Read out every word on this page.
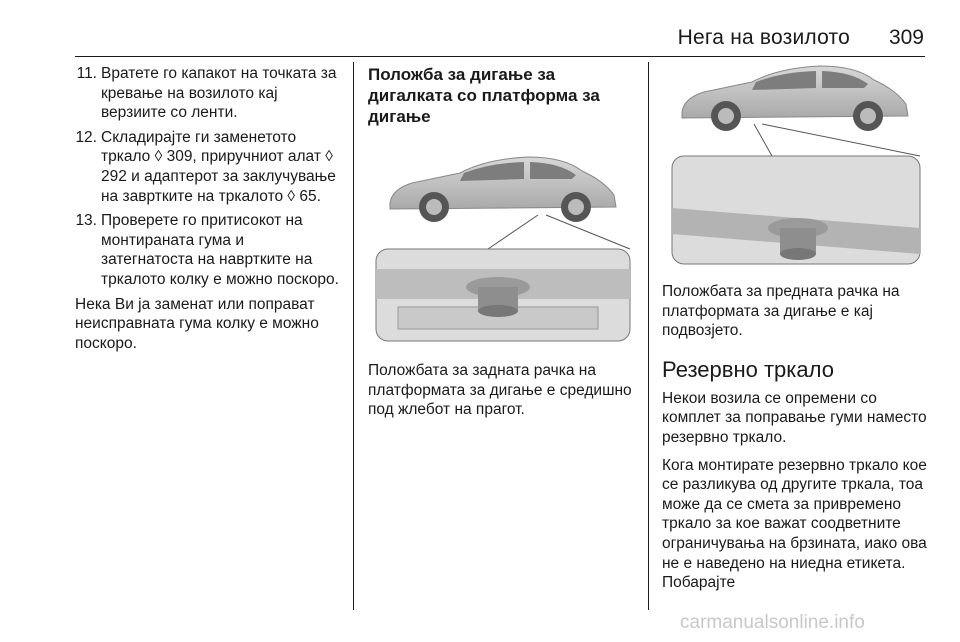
Нега на возилото 309
11. Вратете го капакот на точката за кревање на возилото кај верзиите со ленти.
12. Складирајте ги заменетото тркало ◊ 309, приручниот алат ◊ 292 и адаптерот за заклучување на завртките на тркалото ◊ 65.
13. Проверете го притисокот на монтираната гума и затегнатоста на навртките на тркалото колку е можно поскоро.

Нека Ви ја заменат или поправат неисправната гума колку е можно поскоро.

Положба за дигање за дигалката со платформа за дигање

Положбата за задната рачка на платформата за дигање е средишно под жлебот на прагот.

Положбата за предната рачка на платформата за дигање е кај подвозјето.

Резервно тркало

Некои возила се опремени со комплет за поправање гуми наместо резервно тркало.

Кога монтирате резервно тркало кое се разликува од другите тркала, тоа може да се смета за привремено тркало за кое важат соодветните ограничувања на брзината, иако ова не е наведено на ниедна етикета. Побарајте

carmanualsonline.info
